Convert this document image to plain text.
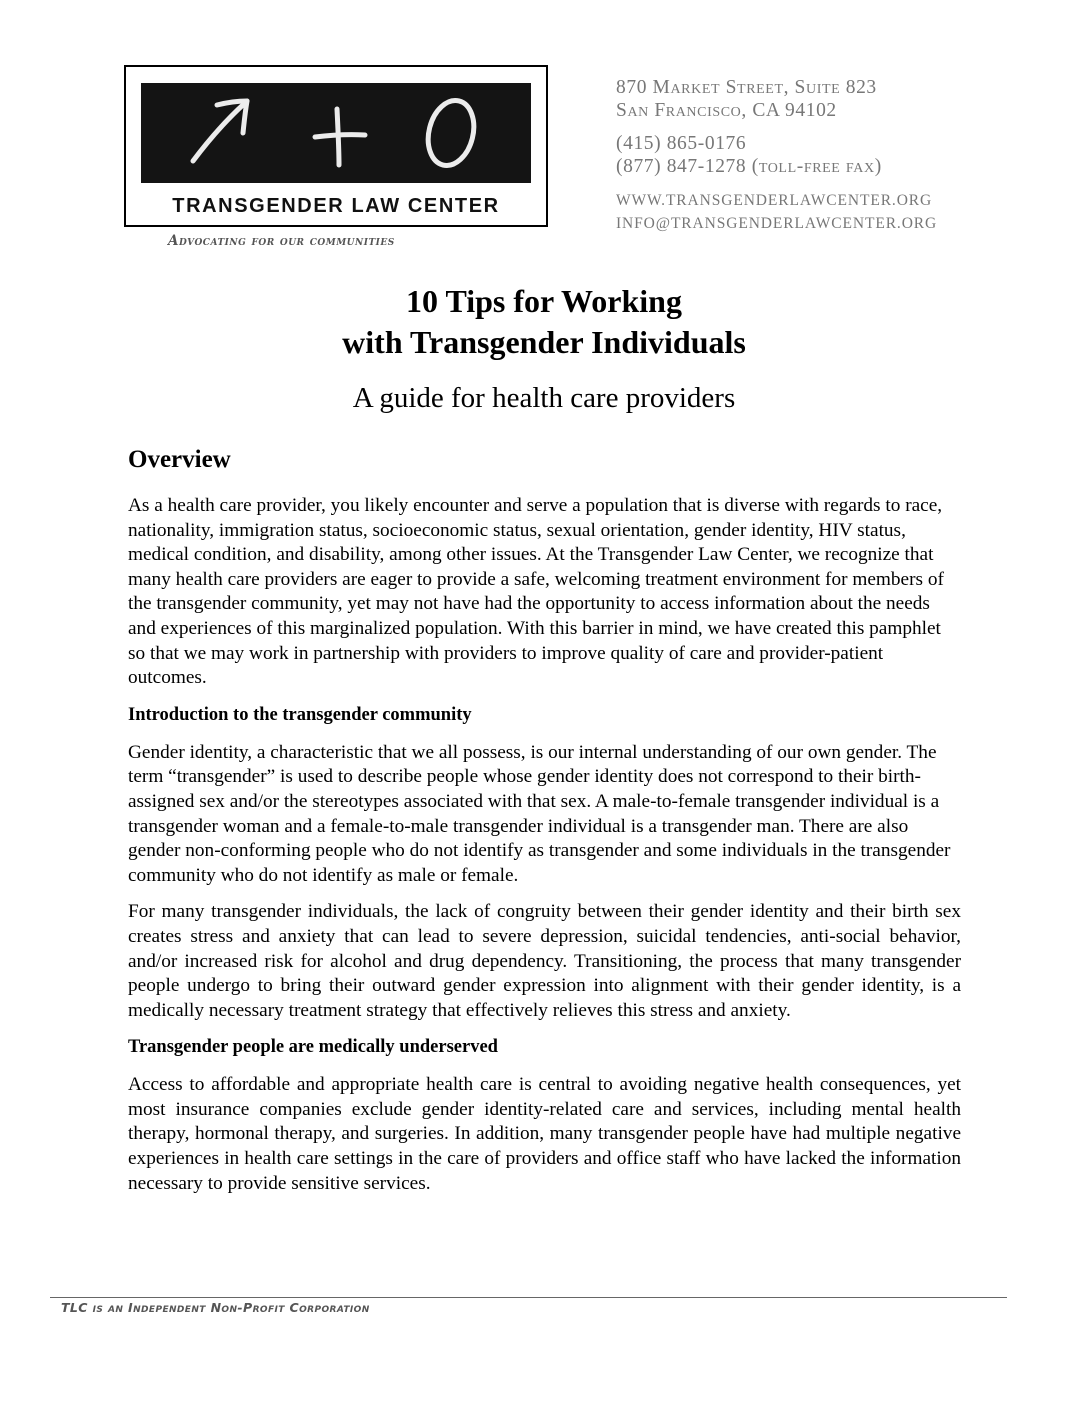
TRANSGENDER LAW CENTER
Advocating for our communities
870 Market Street, Suite 823
San Francisco, CA 94102
(415) 865-0176
(877) 847-1278 (toll-free fax)
WWW.TRANSGENDERLAWCENTER.ORG
INFO@TRANSGENDERLAWCENTER.ORG
10 Tips for Working
with Transgender Individuals
A guide for health care providers
Overview

As a health care provider, you likely encounter and serve a population that is diverse with regards to race, nationality, immigration status, socioeconomic status, sexual orientation, gender identity, HIV status, medical condition, and disability, among other issues. At the Transgender Law Center, we recognize that many health care providers are eager to provide a safe, welcoming treatment environment for members of the transgender community, yet may not have had the opportunity to access information about the needs and experiences of this marginalized population. With this barrier in mind, we have created this pamphlet so that we may work in partnership with providers to improve quality of care and provider-patient outcomes.

Introduction to the transgender community

Gender identity, a characteristic that we all possess, is our internal understanding of our own gender. The term “transgender” is used to describe people whose gender identity does not correspond to their birth-assigned sex and/or the stereotypes associated with that sex. A male-to-female transgender individual is a transgender woman and a female-to-male transgender individual is a transgender man. There are also gender non-conforming people who do not identify as transgender and some individuals in the transgender community who do not identify as male or female.

For many transgender individuals, the lack of congruity between their gender identity and their birth sex creates stress and anxiety that can lead to severe depression, suicidal tendencies, anti-social behavior, and/or increased risk for alcohol and drug dependency. Transitioning, the process that many transgender people undergo to bring their outward gender expression into alignment with their gender identity, is a medically necessary treatment strategy that effectively relieves this stress and anxiety.

Transgender people are medically underserved

Access to affordable and appropriate health care is central to avoiding negative health consequences, yet most insurance companies exclude gender identity-related care and services, including mental health therapy, hormonal therapy, and surgeries. In addition, many transgender people have had multiple negative experiences in health care settings in the care of providers and office staff who have lacked the information necessary to provide sensitive services.

TLC is an Independent Non-Profit Corporation
